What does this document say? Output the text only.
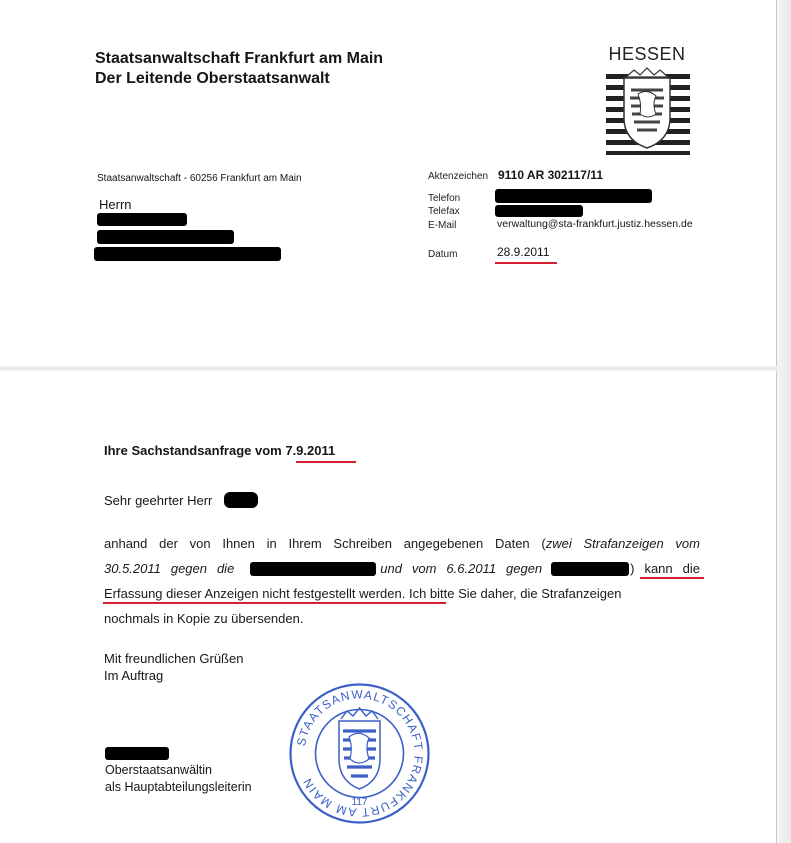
Staatsanwaltschaft Frankfurt am Main
Der Leitende Oberstaatsanwalt
HESSEN
Staatsanwaltschaft - 60256 Frankfurt am Main
Herrn
Aktenzeichen 9110 AR 302117/11
Telefon
Telefax
E-Mail	verwaltung@sta-frankfurt.justiz.hessen.de
Datum	28.9.2011
Ihre Sachstandsanfrage vom 7.9.2011
Sehr geehrter Herr
anhand der von Ihnen in Ihrem Schreiben angegebenen Daten (zwei Strafanzeigen vom
30.5.2011 gegen die	und vom 6.6.2011 gegen	) kann die
Erfassung dieser Anzeigen nicht festgestellt werden. Ich bitte Sie daher, die Strafanzeigen
nochmals in Kopie zu übersenden.
Mit freundlichen Grüßen
Im Auftrag
Oberstaatsanwältin
als Hauptabteilungsleiterin
STAATSANWALTSCHAFT FRANKFURT AM MAIN
117
